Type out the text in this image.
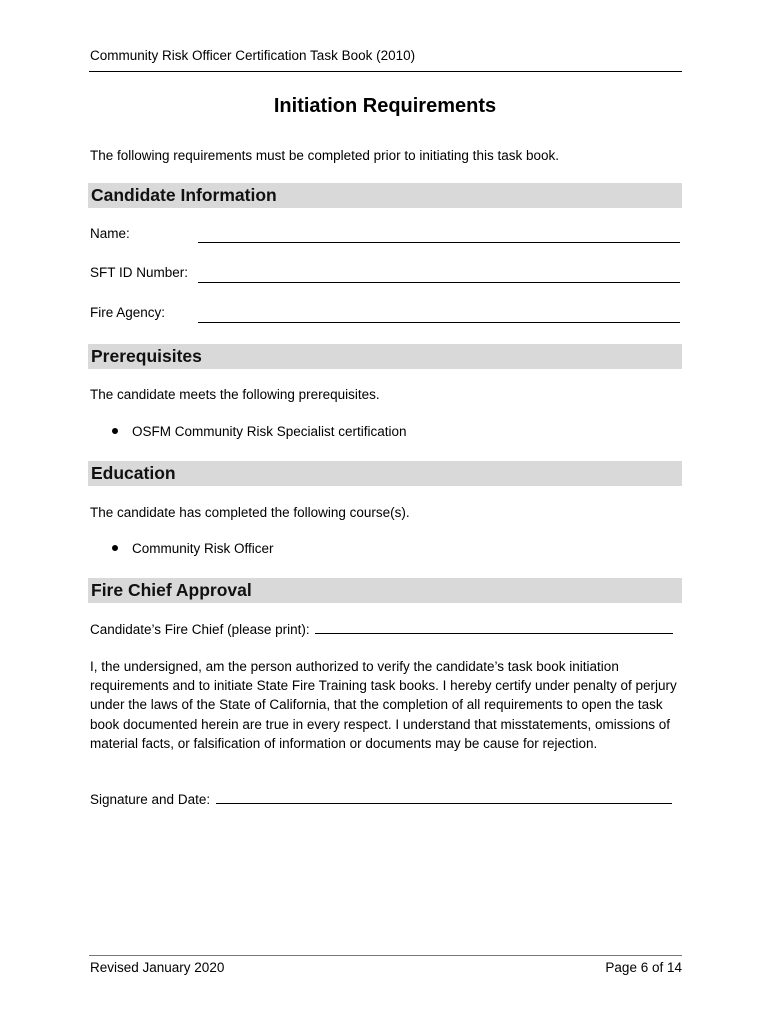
Community Risk Officer Certification Task Book (2010)
Initiation Requirements
The following requirements must be completed prior to initiating this task book.
Candidate Information
Name:
SFT ID Number:
Fire Agency:
Prerequisites
The candidate meets the following prerequisites.
OSFM Community Risk Specialist certification
Education
The candidate has completed the following course(s).
Community Risk Officer
Fire Chief Approval
Candidate’s Fire Chief (please print):
I, the undersigned, am the person authorized to verify the candidate’s task book initiation requirements and to initiate State Fire Training task books. I hereby certify under penalty of perjury under the laws of the State of California, that the completion of all requirements to open the task book documented herein are true in every respect. I understand that misstatements, omissions of material facts, or falsification of information or documents may be cause for rejection.
Signature and Date:
Revised January 2020	Page 6 of 14
